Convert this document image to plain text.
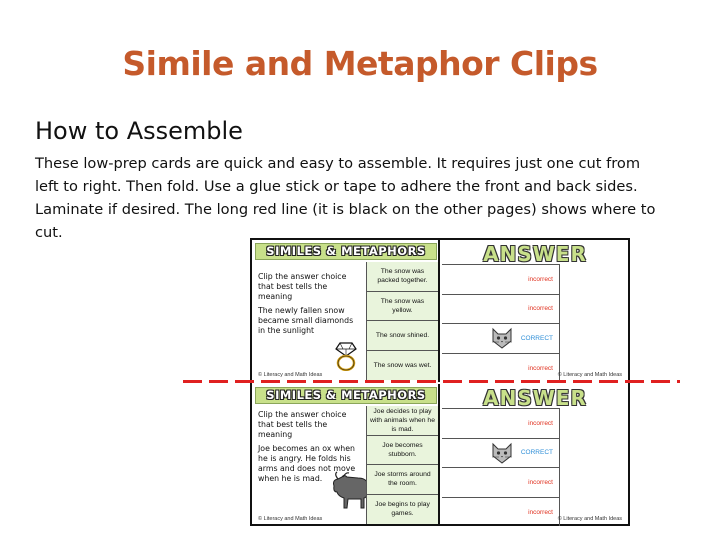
Simile and Metaphor Clips
How to Assemble
These low-prep cards are quick and easy to assemble. It requires just one cut from left to right. Then fold. Use a glue stick or tape to adhere the front and back sides. Laminate if desired. The long red line (it is black on the other pages) shows where to cut.
SIMILES & METAPHORS
Clip the answer choice that best tells the meaning
The newly fallen snow became small diamonds in the sunlight
The snow was packed together.
The snow was yellow.
The snow shined.
The snow was wet.
© Literacy and Math Ideas
ANSWER
incorrect
incorrect
CORRECT
incorrect
© Literacy and Math Ideas
SIMILES & METAPHORS
Clip the answer choice that best tells the meaning
Joe becomes an ox when he is angry. He folds his arms and does not move when he is mad.
Joe decides to play with animals when he is mad.
Joe becomes stubborn.
Joe storms around the room.
Joe begins to play games.
© Literacy and Math Ideas
ANSWER
incorrect
CORRECT
incorrect
incorrect
© Literacy and Math Ideas
